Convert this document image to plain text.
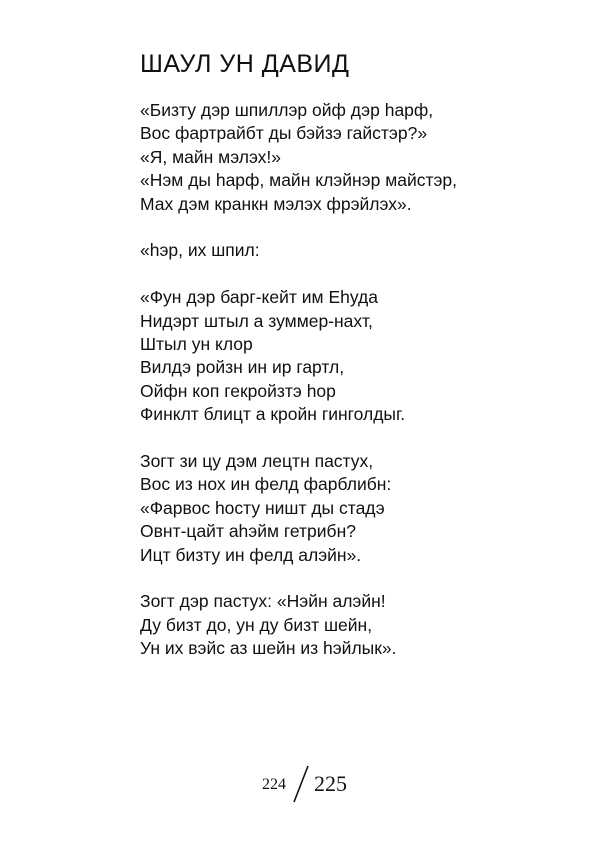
ШАУЛ УН ДАВИД
«Бизту дэр шпиллэр ойф дэр hарф,
Вос фартрайбт ды бэйзэ гайстэр?»
«Я, майн мэлэх!»
«Нэм ды hарф, майн клэйнэр майстэр,
Мах дэм кранкн мэлэх фрэйлэх».
«hэр, их шпил:
«Фун дэр барг-кейт им Еhуда
Нидэрт штыл а зуммер-нахт,
Штыл ун клор
Вилдэ ройзн ин ир гартл,
Ойфн коп гекройзтэ hор
Финклт блицт а кройн гинголдыг.
Зогт зи цу дэм лецтн пастух,
Вос из нох ин фелд фарблибн:
«Фарвос hосту ништ ды стадэ
Овнт-цайт аhэйм гетрибн?
Ицт бизту ин фелд алэйн».
Зогт дэр пастух: «Нэйн алэйн!
Ду бизт до, ун ду бизт шейн,
Ун их вэйс аз шейн из hэйлык».
224 225
